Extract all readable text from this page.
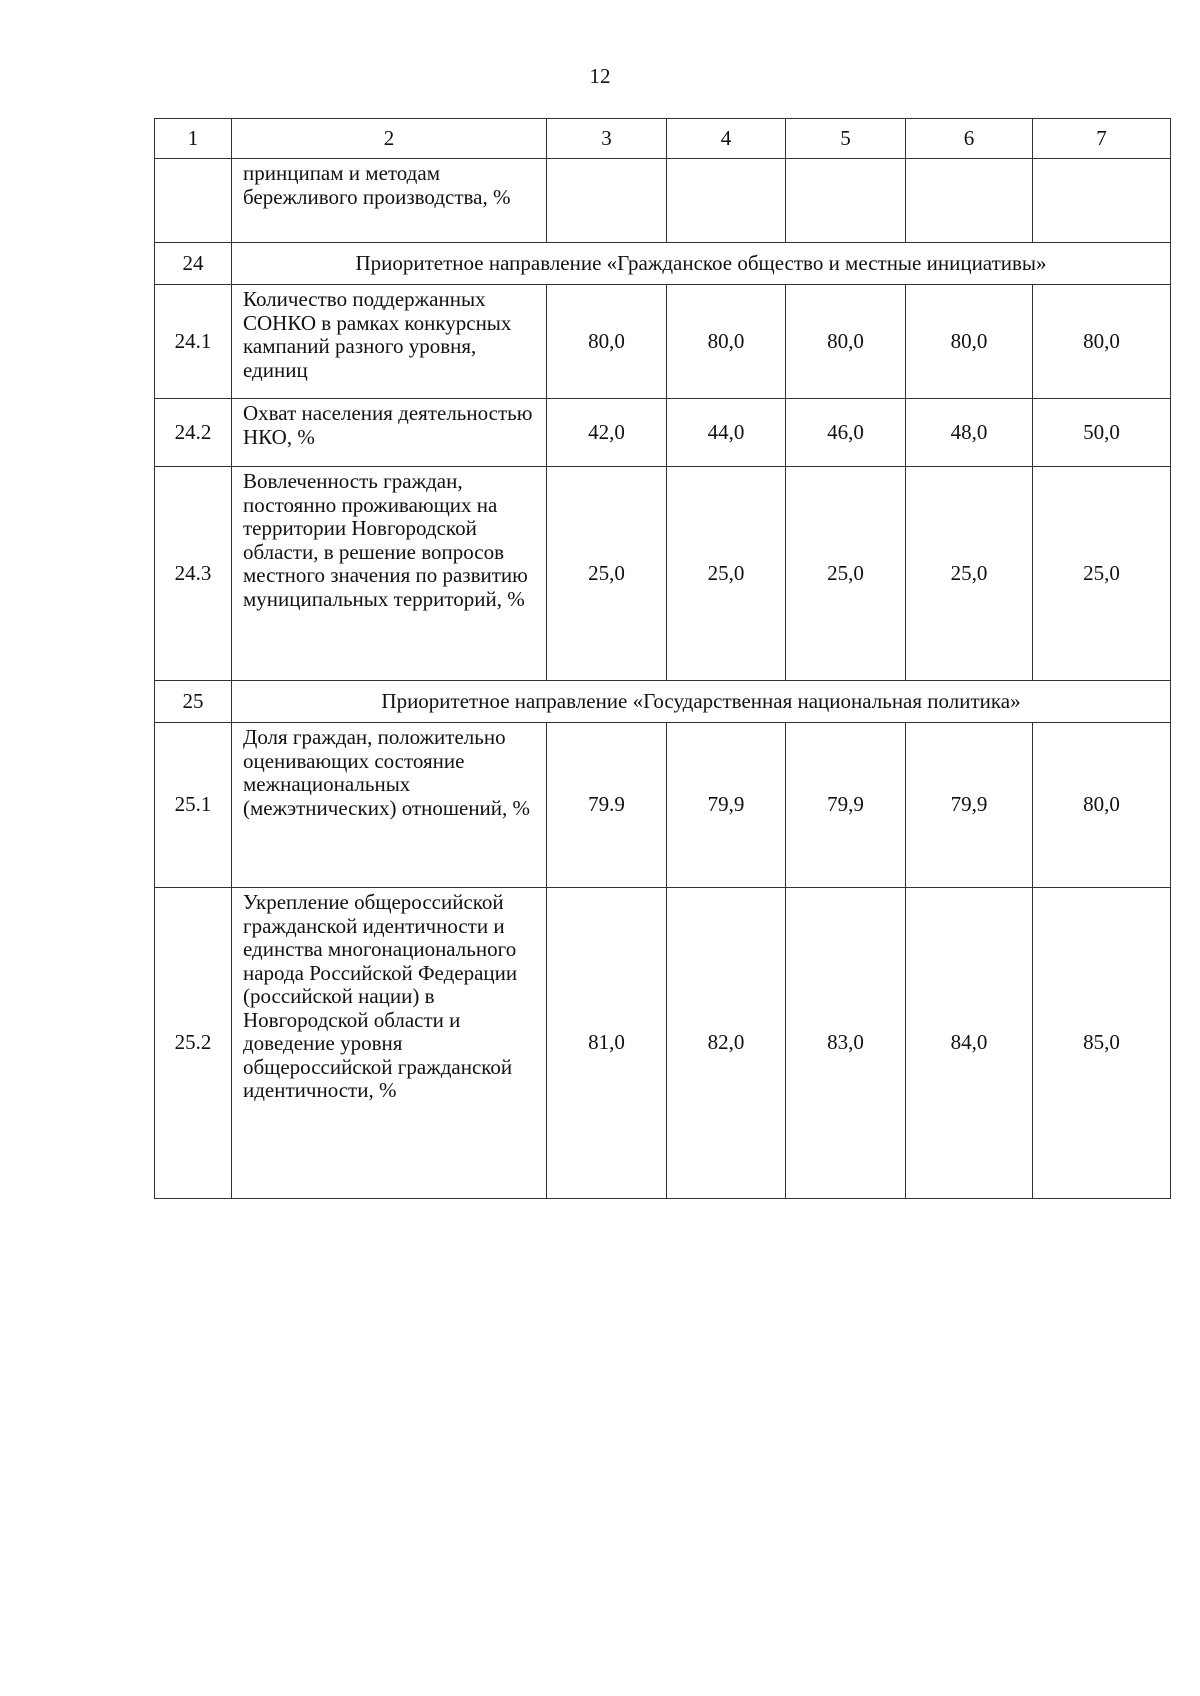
12
1	2	3	4	5	6	7
	принципам и методам бережливого производства, %					
24	Приоритетное направление «Гражданское общество и местные инициативы»					
24.1	Количество поддержанных СОНКО в рамках конкурсных кампаний разного уровня, единиц	80,0	80,0	80,0	80,0	80,0
24.2	Охват населения деятельностью НКО, %	42,0	44,0	46,0	48,0	50,0
24.3	Вовлеченность граждан, постоянно проживающих на территории Новгородской области, в решение вопросов местного значения по развитию муниципальных территорий, %	25,0	25,0	25,0	25,0	25,0
25	Приоритетное направление «Государственная национальная политика»					
25.1	Доля граждан, положительно оценивающих состояние межнациональных (межэтнических) отношений, %	79.9	79,9	79,9	79,9	80,0
25.2	Укрепление общероссийской гражданской идентичности и единства многонационального народа Российской Федерации (российской нации) в Новгородской области и доведение уровня общероссийской гражданской идентичности, %	81,0	82,0	83,0	84,0	85,0
